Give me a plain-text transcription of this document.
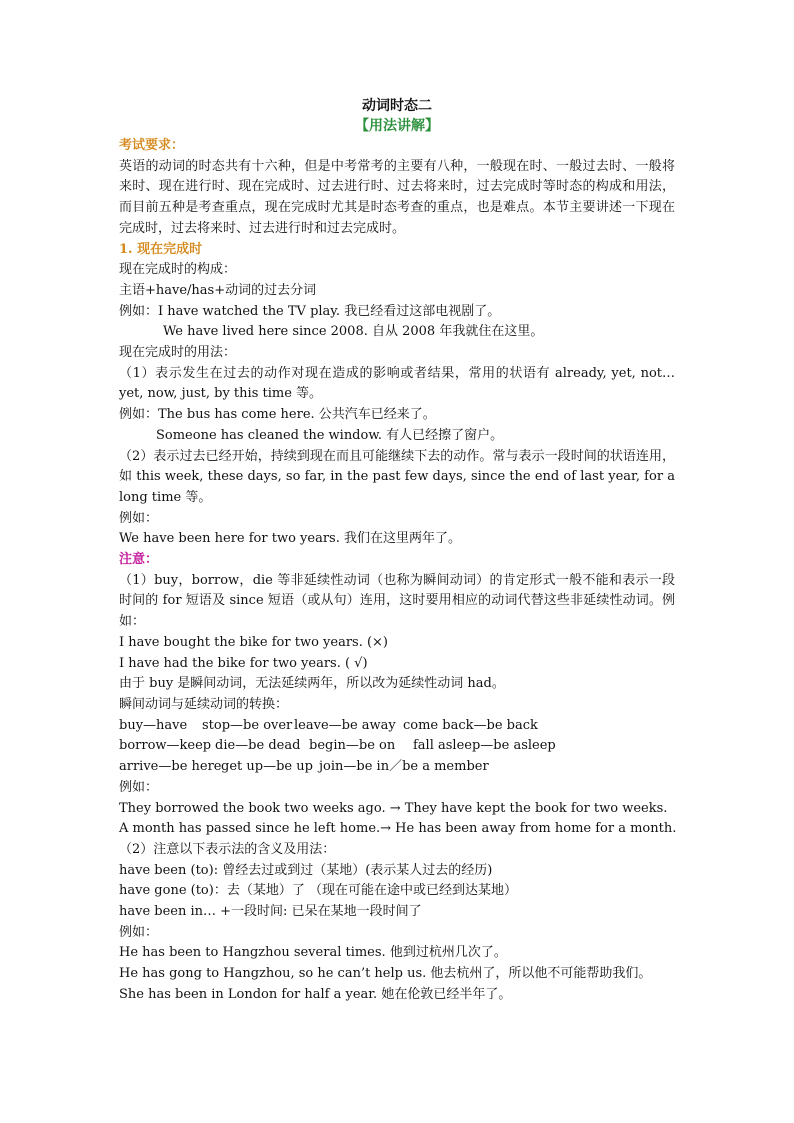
动词时态二
【用法讲解】
考试要求：
英语的动词的时态共有十六种，但是中考常考的主要有八种，一般现在时、一般过去时、一般将来时、现在进行时、现在完成时、过去进行时、过去将来时，过去完成时等时态的构成和用法，而目前五种是考查重点，现在完成时尤其是时态考查的重点，也是难点。本节主要讲述一下现在完成时，过去将来时、过去进行时和过去完成时。
1. 现在完成时
现在完成时的构成：
主语+have/has+动词的过去分词
例如：I have watched the TV play. 我已经看过这部电视剧了。
We have lived here since 2008. 自从 2008 年我就住在这里。
现在完成时的用法：
（1）表示发生在过去的动作对现在造成的影响或者结果，常用的状语有 already, yet, not…yet, now, just, by this time 等。
例如：The bus has come here. 公共汽车已经来了。
Someone has cleaned the window. 有人已经擦了窗户。
（2）表示过去已经开始，持续到现在而且可能继续下去的动作。常与表示一段时间的状语连用，如 this week, these days, so far, in the past few days, since the end of last year, for a long time 等。
例如：
We have been here for two years. 我们在这里两年了。
注意：
（1）buy，borrow，die 等非延续性动词（也称为瞬间动词）的肯定形式一般不能和表示一段时间的 for 短语及 since 短语（或从句）连用，这时要用相应的动词代替这些非延续性动词。例如：
I have bought the bike for two years. (×)
I have had the bike for two years. ( √)
由于 buy 是瞬间动词，无法延续两年，所以改为延续性动词 had。
瞬间动词与延续动词的转换：
buy—have stop—be over leave—be away come back—be back
borrow—keep die—be dead begin—be on fall asleep—be asleep
arrive—be hereget up—be up join—be in／be a member
例如：
They borrowed the book two weeks ago. → They have kept the book for two weeks.
A month has passed since he left home.→ He has been away from home for a month.
（2）注意以下表示法的含义及用法：
have been (to): 曾经去过或到过（某地）(表示某人过去的经历)
have gone (to)：去（某地）了 （现在可能在途中或已经到达某地）
have been in… +一段时间: 已呆在某地一段时间了
例如：
He has been to Hangzhou several times. 他到过杭州几次了。
He has gong to Hangzhou, so he can’t help us. 他去杭州了，所以他不可能帮助我们。
She has been in London for half a year. 她在伦敦已经半年了。
